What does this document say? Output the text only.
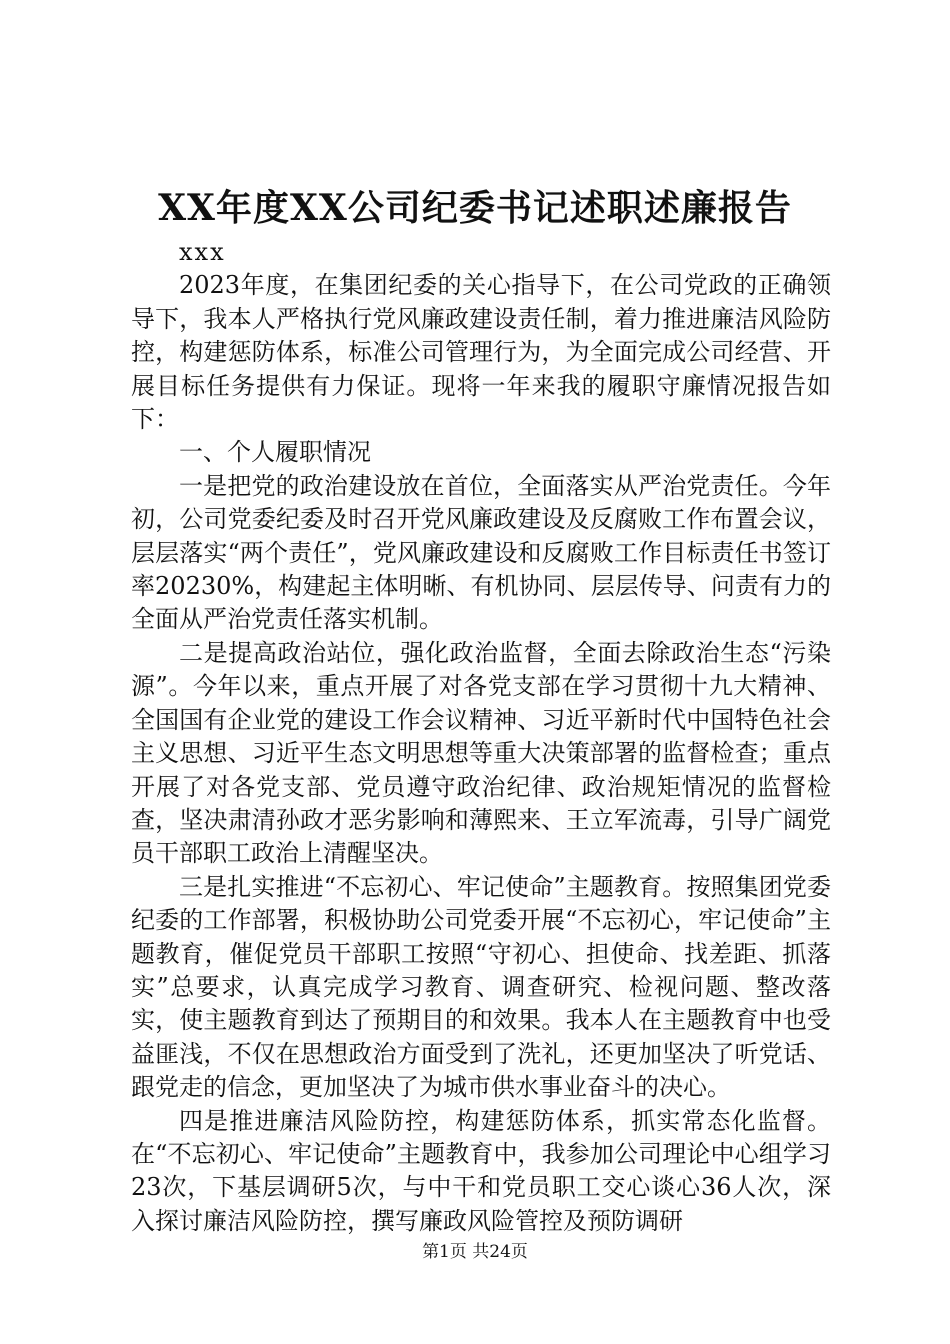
XX年度XX公司纪委书记述职述廉报告

xxx

2023年度，在集团纪委的关心指导下，在公司党政的正确领导下，我本人严格执行党风廉政建设责任制，着力推进廉洁风险防控，构建惩防体系，标准公司管理行为，为全面完成公司经营、开展目标任务提供有力保证。现将一年来我的履职守廉情况报告如下：

一、个人履职情况

一是把党的政治建设放在首位，全面落实从严治党责任。今年初，公司党委纪委及时召开党风廉政建设及反腐败工作布置会议，层层落实“两个责任”，党风廉政建设和反腐败工作目标责任书签订率20230%，构建起主体明晰、有机协同、层层传导、问责有力的全面从严治党责任落实机制。

二是提高政治站位，强化政治监督，全面去除政治生态“污染源”。今年以来，重点开展了对各党支部在学习贯彻十九大精神、全国国有企业党的建设工作会议精神、习近平新时代中国特色社会主义思想、习近平生态文明思想等重大决策部署的监督检查；重点开展了对各党支部、党员遵守政治纪律、政治规矩情况的监督检查，坚决肃清孙政才恶劣影响和薄熙来、王立军流毒，引导广阔党员干部职工政治上清醒坚决。

三是扎实推进“不忘初心、牢记使命”主题教育。按照集团党委纪委的工作部署，积极协助公司党委开展“不忘初心，牢记使命”主题教育，催促党员干部职工按照“守初心、担使命、找差距、抓落实”总要求，认真完成学习教育、调查研究、检视问题、整改落实，使主题教育到达了预期目的和效果。我本人在主题教育中也受益匪浅，不仅在思想政治方面受到了洗礼，还更加坚决了听党话、跟党走的信念，更加坚决了为城市供水事业奋斗的决心。

四是推进廉洁风险防控，构建惩防体系，抓实常态化监督。在“不忘初心、牢记使命”主题教育中，我参加公司理论中心组学习23次，下基层调研5次，与中干和党员职工交心谈心36人次，深入探讨廉洁风险防控，撰写廉政风险管控及预防调研

第1页 共24页
